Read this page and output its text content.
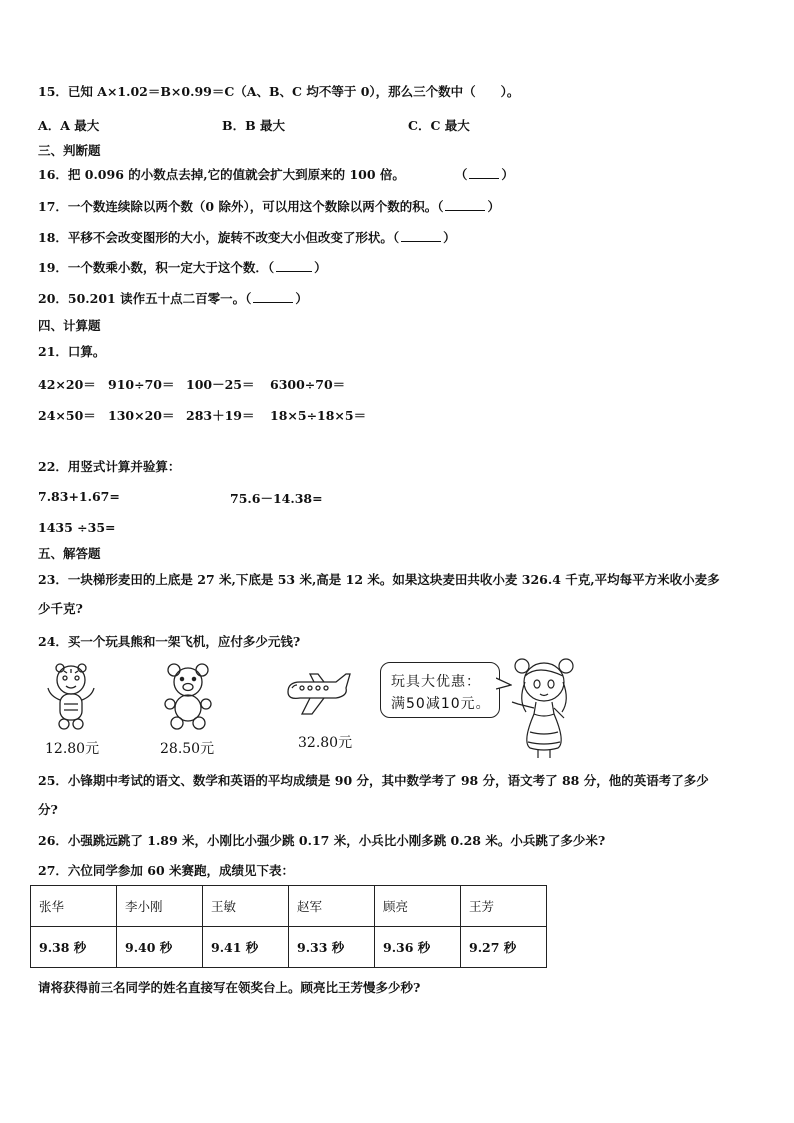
15．已知 A×1.02＝B×0.99＝C（A、B、C 均不等于 0），那么三个数中（　　）。
A．A 最大	B．B 最大	C．C 最大
三、判断题
16．把 0.096 的小数点去掉,它的值就会扩大到原来的 100 倍。	（	）
17．一个数连续除以两个数（0 除外），可以用这个数除以两个数的积。（	）
18．平移不会改变图形的大小，旋转不改变大小但改变了形状。（	）
19．一个数乘小数，积一定大于这个数．（	）
20．50.201 读作五十点二百零一。（	）
四、计算题
21．口算。
42×20＝ 910÷70＝ 100－25＝ 6300÷70＝
24×50＝ 130×20＝ 283＋19＝ 18×5÷18×5＝
22．用竖式计算并验算：
7.83+1.67=	75.6－14.38=
1435 ÷35=
五、解答题
23．一块梯形麦田的上底是 27 米,下底是 53 米,高是 12 米。如果这块麦田共收小麦 326.4 千克,平均每平方米收小麦多
少千克?
24．买一个玩具熊和一架飞机，应付多少元钱?
12.80元	28.50元	32.80元
玩具大优惠：
满50减10元。
25．小锋期中考试的语文、数学和英语的平均成绩是 90 分，其中数学考了 98 分，语文考了 88 分，他的英语考了多少
分?
26．小强跳远跳了 1.89 米，小刚比小强少跳 0.17 米，小兵比小刚多跳 0.28 米。小兵跳了多少米?
27．六位同学参加 60 米赛跑，成绩见下表：
张华	李小刚	王敏	赵军	顾亮	王芳
9.38 秒	9.40 秒	9.41 秒	9.33 秒	9.36 秒	9.27 秒
请将获得前三名同学的姓名直接写在领奖台上。顾亮比王芳慢多少秒?
